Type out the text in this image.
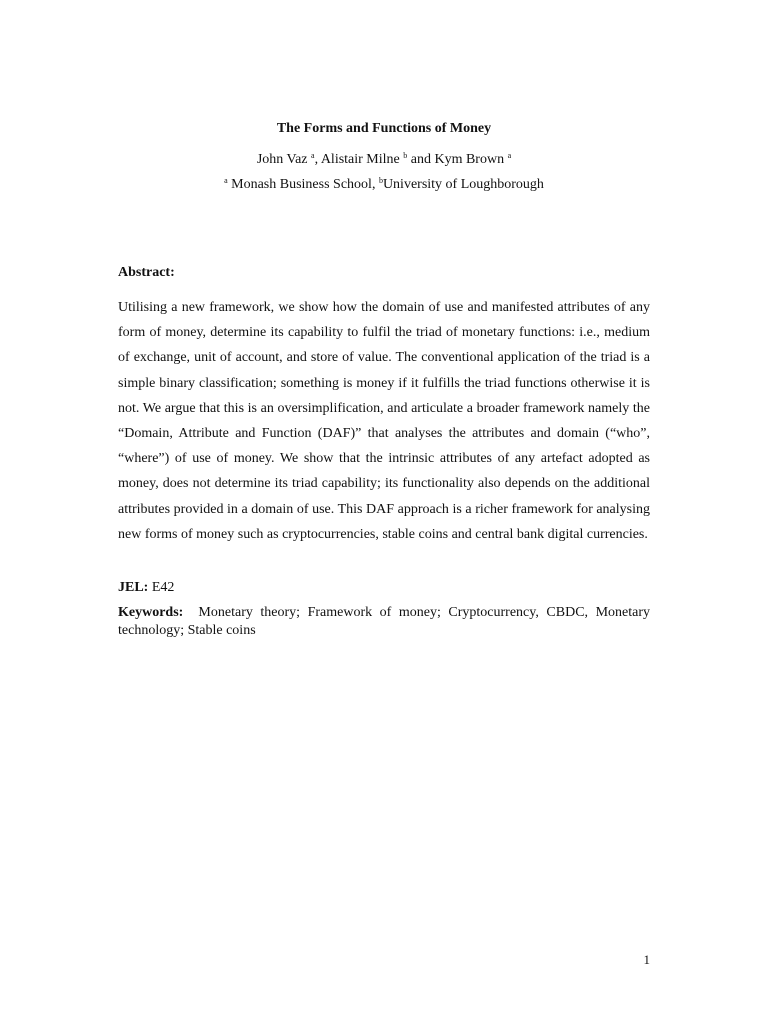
The Forms and Functions of Money
John Vaz $^a$, Alistair Milne $^b$ and Kym Brown $^a$
$^a$ Monash Business School, $^b$University of Loughborough
Abstract:

Utilising a new framework, we show how the domain of use and manifested attributes of any form of money, determine its capability to fulfil the triad of monetary functions: i.e., medium of exchange, unit of account, and store of value. The conventional application of the triad is a simple binary classification; something is money if it fulfills the triad functions otherwise it is not. We argue that this is an oversimplification, and articulate a broader framework namely the “Domain, Attribute and Function (DAF)” that analyses the attributes and domain (“who”, “where”) of use of money. We show that the intrinsic attributes of any artefact adopted as money, does not determine its triad capability; its functionality also depends on the additional attributes provided in a domain of use. This DAF approach is a richer framework for analysing new forms of money such as cryptocurrencies, stable coins and central bank digital currencies.

JEL: E42

Keywords: Monetary theory; Framework of money; Cryptocurrency, CBDC, Monetary technology; Stable coins

1
